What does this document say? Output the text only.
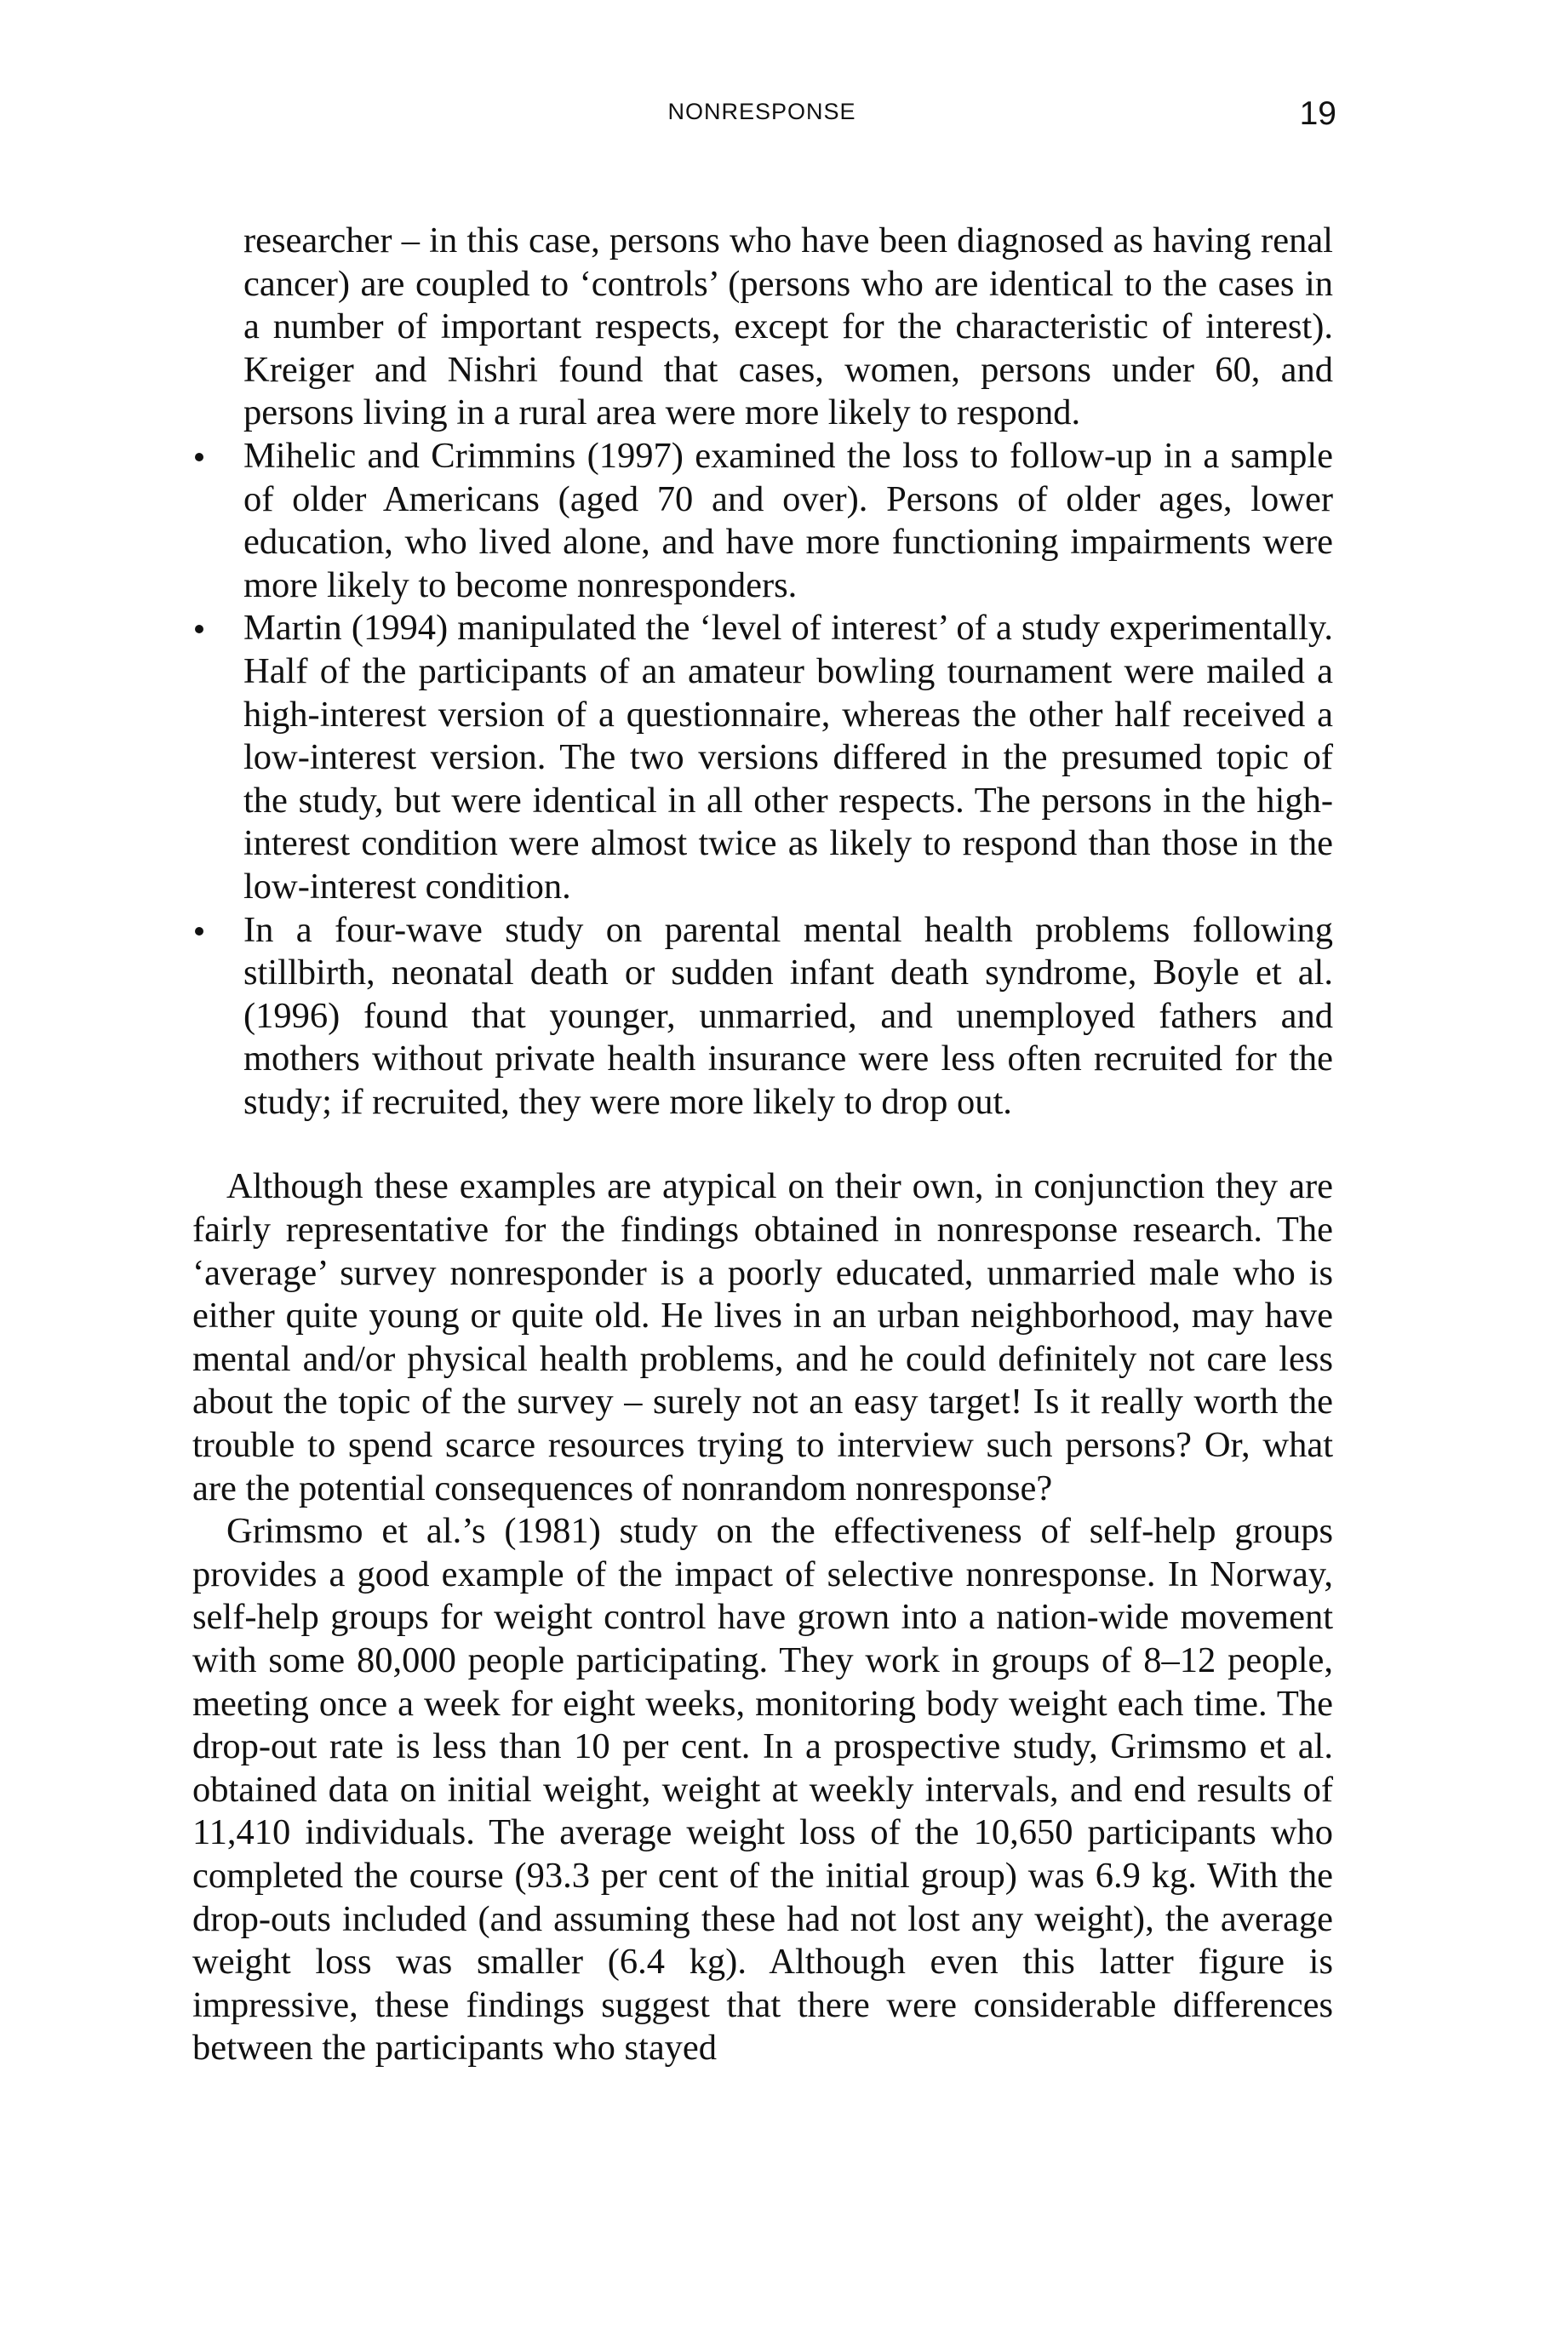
NONRESPONSE	19

researcher – in this case, persons who have been diagnosed as having renal cancer) are coupled to ‘controls’ (persons who are identical to the cases in a number of important respects, except for the characteristic of interest). Kreiger and Nishri found that cases, women, persons under 60, and persons living in a rural area were more likely to respond.

Mihelic and Crimmins (1997) examined the loss to follow-up in a sample of older Americans (aged 70 and over). Persons of older ages, lower education, who lived alone, and have more functioning impairments were more likely to become nonresponders.
Martin (1994) manipulated the ‘level of interest’ of a study experimentally. Half of the participants of an amateur bowling tournament were mailed a high-interest version of a questionnaire, whereas the other half received a low-interest version. The two versions differed in the presumed topic of the study, but were identical in all other respects. The persons in the high-interest condition were almost twice as likely to respond than those in the low-interest condition.
In a four-wave study on parental mental health problems following stillbirth, neonatal death or sudden infant death syndrome, Boyle et al. (1996) found that younger, unmarried, and unemployed fathers and mothers without private health insurance were less often recruited for the study; if recruited, they were more likely to drop out.

Although these examples are atypical on their own, in conjunction they are fairly representative for the findings obtained in nonresponse research. The ‘average’ survey nonresponder is a poorly educated, unmarried male who is either quite young or quite old. He lives in an urban neighborhood, may have mental and/or physical health problems, and he could definitely not care less about the topic of the survey – surely not an easy target! Is it really worth the trouble to spend scarce resources trying to interview such persons? Or, what are the potential consequences of nonrandom nonresponse?

Grimsmo et al.’s (1981) study on the effectiveness of self-help groups provides a good example of the impact of selective nonresponse. In Norway, self-help groups for weight control have grown into a nation-wide movement with some 80,000 people participating. They work in groups of 8–12 people, meeting once a week for eight weeks, monitoring body weight each time. The drop-out rate is less than 10 per cent. In a prospective study, Grimsmo et al. obtained data on initial weight, weight at weekly intervals, and end results of 11,410 individuals. The average weight loss of the 10,650 participants who completed the course (93.3 per cent of the initial group) was 6.9 kg. With the drop-outs included (and assuming these had not lost any weight), the average weight loss was smaller (6.4 kg). Although even this latter figure is impressive, these findings suggest that there were considerable differences between the participants who stayed
